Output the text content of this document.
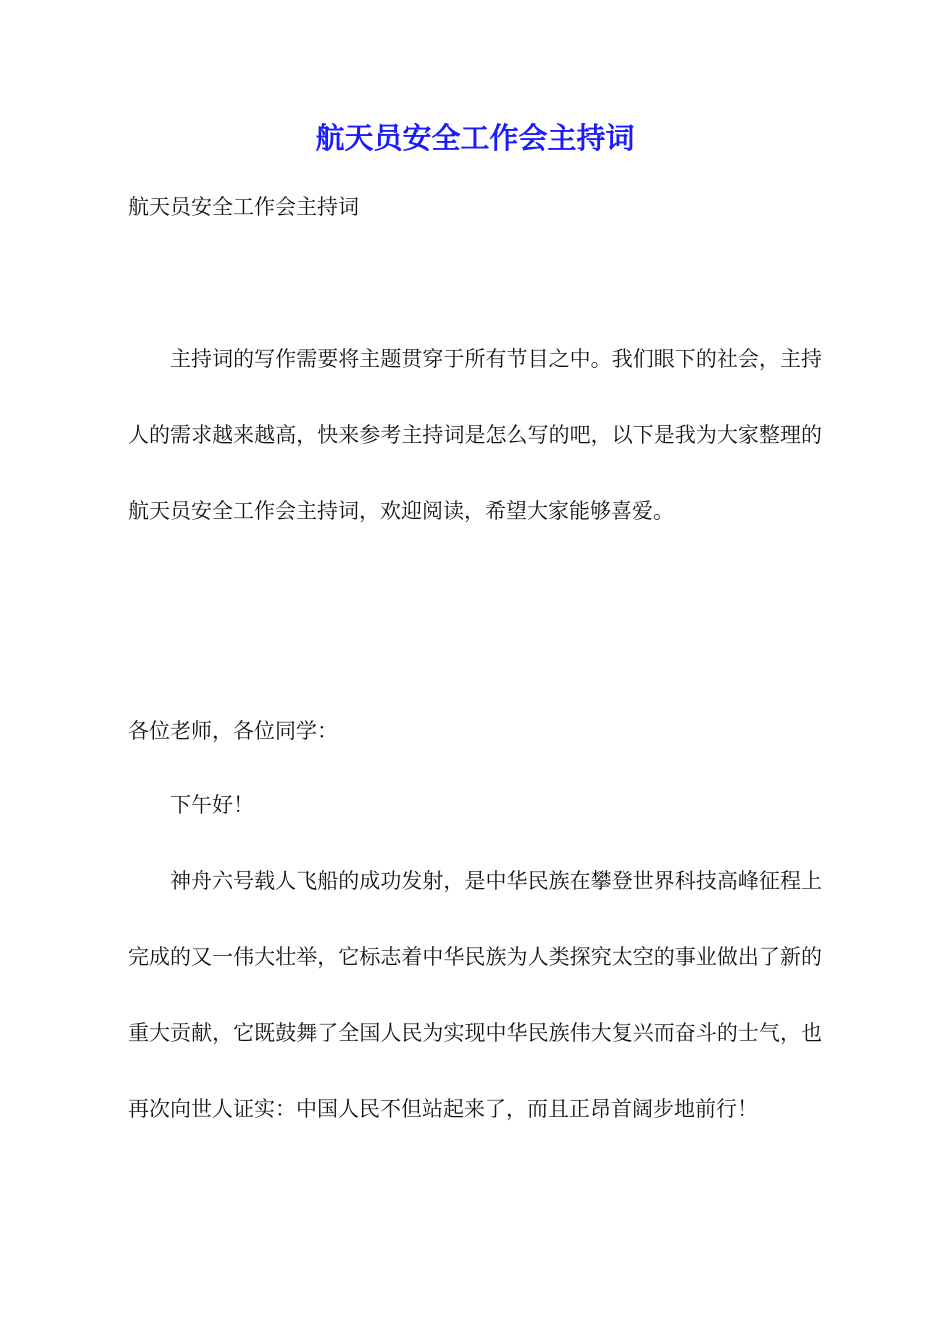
航天员安全工作会主持词

航天员安全工作会主持词

主持词的写作需要将主题贯穿于所有节目之中。我们眼下的社会，主持人的需求越来越高，快来参考主持词是怎么写的吧，以下是我为大家整理的航天员安全工作会主持词，欢迎阅读，希望大家能够喜爱。

各位老师，各位同学：

下午好！

神舟六号载人飞船的成功发射，是中华民族在攀登世界科技高峰征程上完成的又一伟大壮举，它标志着中华民族为人类探究太空的事业做出了新的重大贡献，它既鼓舞了全国人民为实现中华民族伟大复兴而奋斗的士气，也再次向世人证实：中国人民不但站起来了，而且正昂首阔步地前行！
